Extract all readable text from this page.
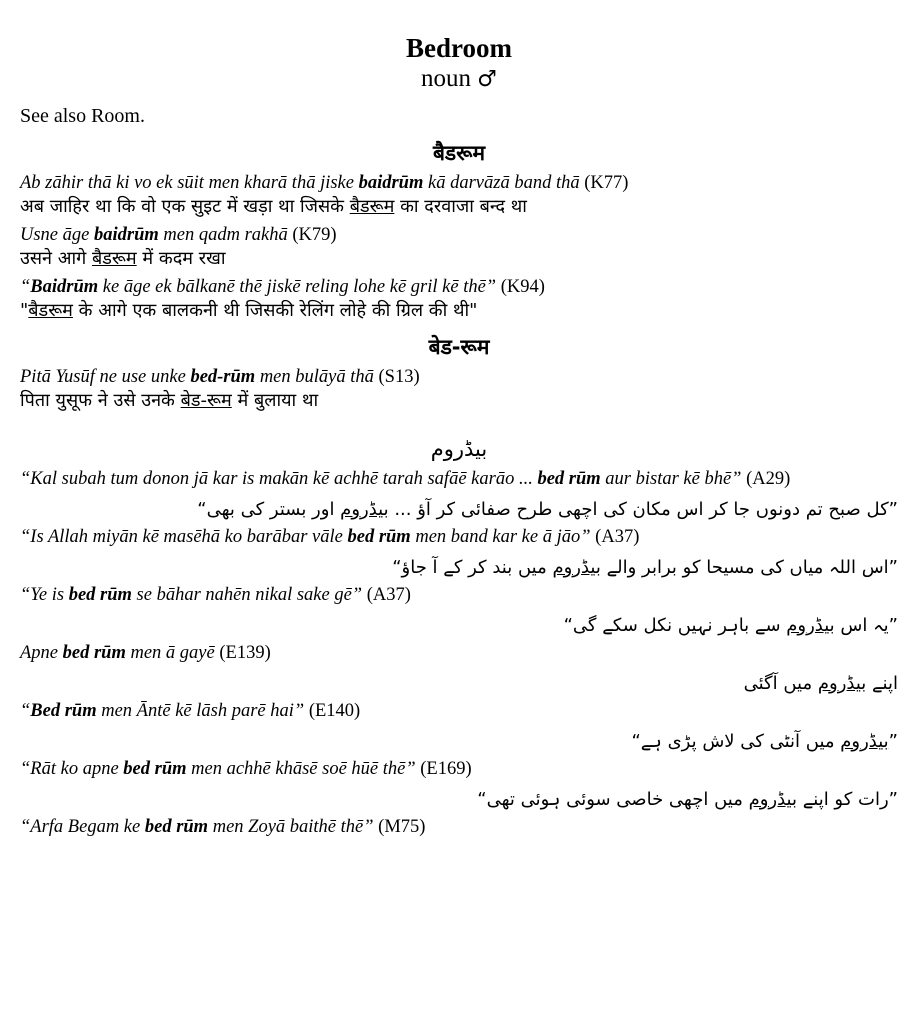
Bedroom
noun ♂
See also Room.
बैडरूम
Ab zāhir thā ki vo ek sūit men kharā thā jiske baidrūm kā darvāzā band thā (K77)
अब जाहिर था कि वो एक सुइट में खड़ा था जिसके बैडरूम का दरवाजा बन्द था
Usne āge baidrūm men qadm rakhā (K79)
उसने आगे बैडरूम में कदम रखा
“Baidrūm ke āge ek bālkanē thē jiskē reling lohe kē gril kē thē” (K94)
"बैडरूम के आगे एक बालकनी थी जिसकी रेलिंग लोहे की ग्रिल की थी"
बेड-रूम
Pitā Yusūf ne use unke bed-rūm men bulāyā thā (S13)
पिता युसूफ ने उसे उनके बेड-रूम में बुलाया था
بیڈروم
“Kal subah tum donon jā kar is makān kē achhē tarah safāē karāo ... bed rūm aur bistar kē bhē” (A29)
”کل صبح تم دونوں جا کر اس مکان کی اچھی طرح صفائی کر آؤ ... بیڈروم اور بستر کی بھی“
“Is Allah miyān kē masēhā ko barābar vāle bed rūm men band kar ke ā jāo” (A37)
”اس اللہ میاں کی مسیحا کو برابر والے بیڈروم میں بند کر کے آ جاؤ“
“Ye is bed rūm se bāhar nahēn nikal sake gē” (A37)
”یہ اس بیڈروم سے باہر نہیں نکل سکے گی“
Apne bed rūm men ā gayē (E139)
اپنے بیڈروم میں آگئی
“Bed rūm men Āntē kē lāsh parē hai” (E140)
”بیڈروم میں آنٹی کی لاش پڑی ہے“
“Rāt ko apne bed rūm men achhē khāsē soē hūē thē” (E169)
”رات کو اپنے بیڈروم میں اچھی خاصی سوئی ہوئی تھی“
“Arfa Begam ke bed rūm men Zoyā baithē thē” (M75)
